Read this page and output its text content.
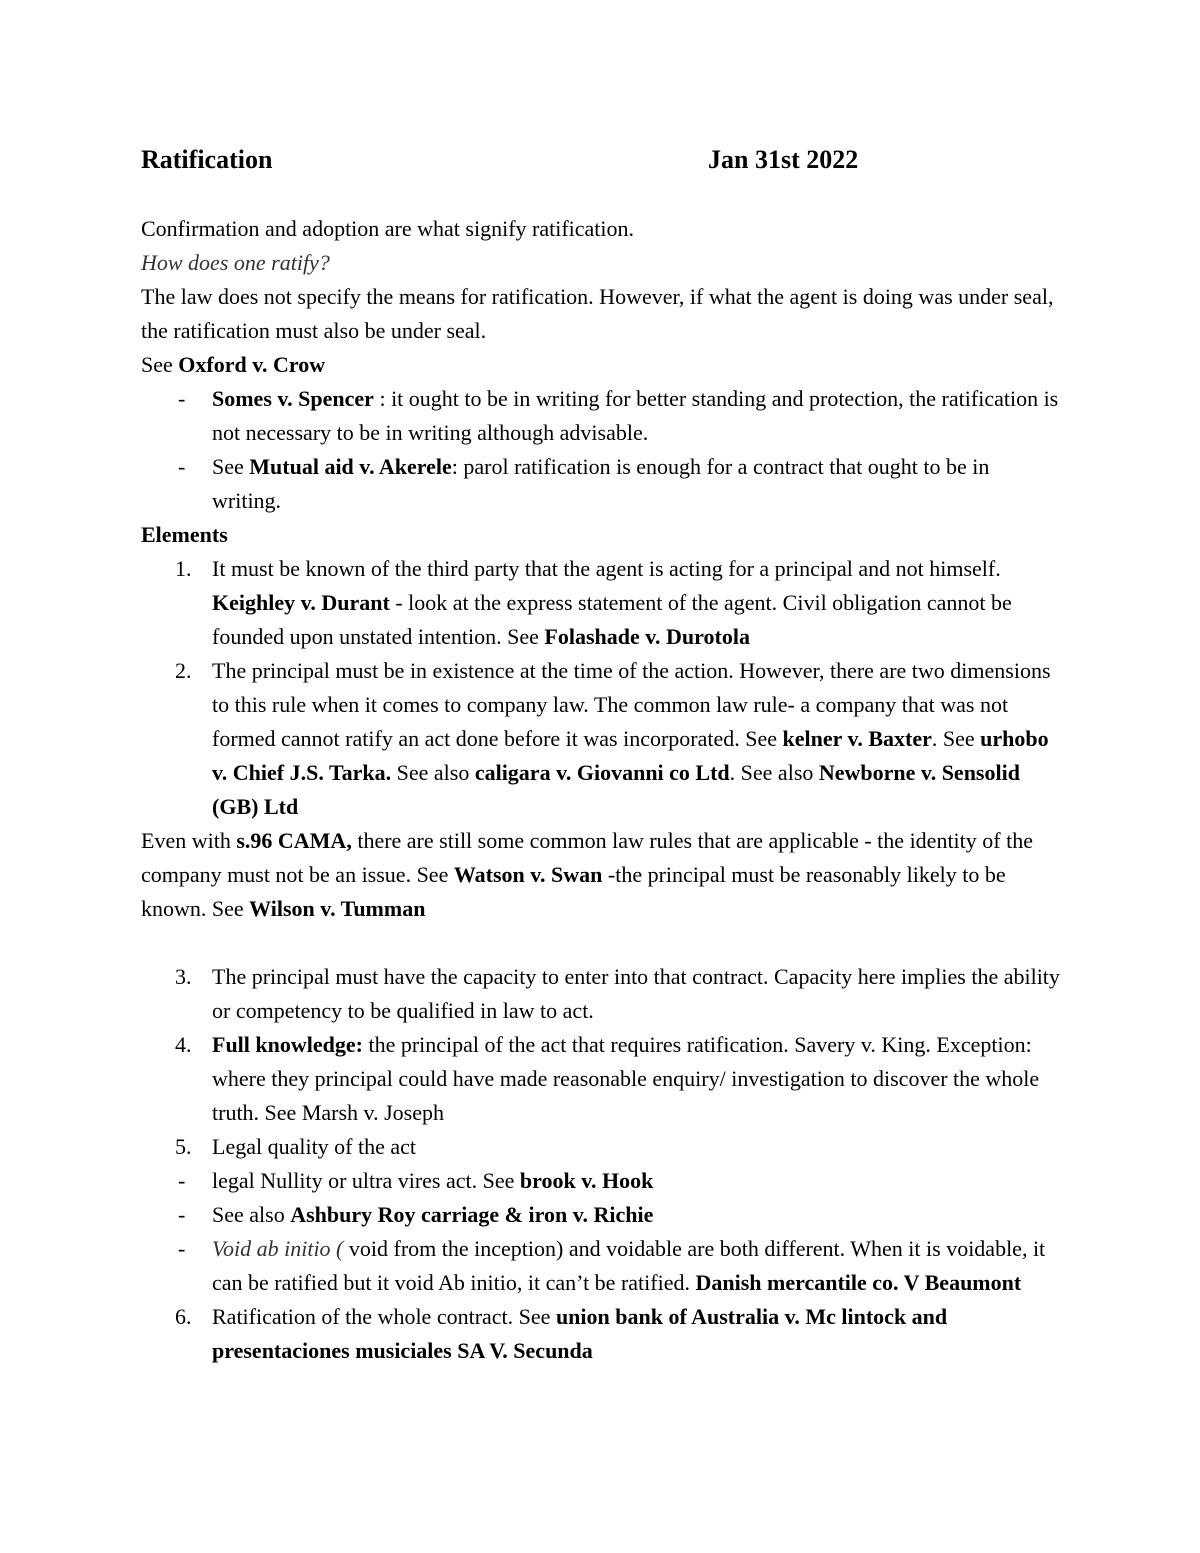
Ratification	Jan 31st 2022

Confirmation and adoption are what signify ratification.

How does one ratify?

The law does not specify the means for ratification. However, if what the agent is doing was under seal, the ratification must also be under seal.

See Oxford v. Crow

- Somes v. Spencer : it ought to be in writing for better standing and protection, the ratification is not necessary to be in writing although advisable.
- See Mutual aid v. Akerele: parol ratification is enough for a contract that ought to be in writing.

Elements

1. It must be known of the third party that the agent is acting for a principal and not himself. Keighley v. Durant - look at the express statement of the agent. Civil obligation cannot be founded upon unstated intention. See Folashade v. Durotola
2. The principal must be in existence at the time of the action. However, there are two dimensions to this rule when it comes to company law. The common law rule- a company that was not formed cannot ratify an act done before it was incorporated. See kelner v. Baxter. See urhobo v. Chief J.S. Tarka. See also caligara v. Giovanni co Ltd. See also Newborne v. Sensolid (GB) Ltd

Even with s.96 CAMA, there are still some common law rules that are applicable - the identity of the company must not be an issue. See Watson v. Swan -the principal must be reasonably likely to be known. See Wilson v. Tumman

3. The principal must have the capacity to enter into that contract. Capacity here implies the ability or competency to be qualified in law to act.
4. Full knowledge: the principal of the act that requires ratification. Savery v. King. Exception: where they principal could have made reasonable enquiry/ investigation to discover the whole truth. See Marsh v. Joseph
5. Legal quality of the act
- legal Nullity or ultra vires act. See brook v. Hook
- See also Ashbury Roy carriage & iron v. Richie
- Void ab initio ( void from the inception) and voidable are both different. When it is voidable, it can be ratified but it void Ab initio, it can’t be ratified. Danish mercantile co. V Beaumont
6. Ratification of the whole contract. See union bank of Australia v. Mc lintock and presentaciones musiciales SA V. Secunda
